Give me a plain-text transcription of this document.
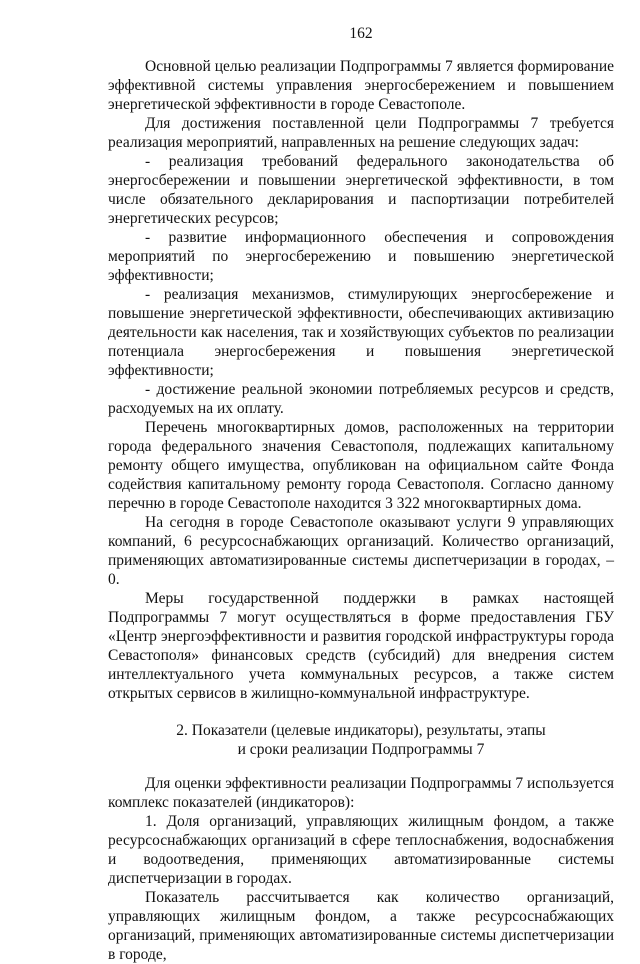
162

Основной целью реализации Подпрограммы 7 является формирование эффективной системы управления энергосбережением и повышением энергетической эффективности в городе Севастополе.

Для достижения поставленной цели Подпрограммы 7 требуется реализация мероприятий, направленных на решение следующих задач:

- реализация требований федерального законодательства об энергосбережении и повышении энергетической эффективности, в том числе обязательного декларирования и паспортизации потребителей энергетических ресурсов;

- развитие информационного обеспечения и сопровождения мероприятий по энергосбережению и повышению энергетической эффективности;

- реализация механизмов, стимулирующих энергосбережение и повышение энергетической эффективности, обеспечивающих активизацию деятельности как населения, так и хозяйствующих субъектов по реализации потенциала энергосбережения и повышения энергетической эффективности;

- достижение реальной экономии потребляемых ресурсов и средств, расходуемых на их оплату.

Перечень многоквартирных домов, расположенных на территории города федерального значения Севастополя, подлежащих капитальному ремонту общего имущества, опубликован на официальном сайте Фонда содействия капитальному ремонту города Севастополя. Согласно данному перечню в городе Севастополе находится 3 322 многоквартирных дома.

На сегодня в городе Севастополе оказывают услуги 9 управляющих компаний, 6 ресурсоснабжающих организаций. Количество организаций, применяющих автоматизированные системы диспетчеризации в городах, – 0.

Меры государственной поддержки в рамках настоящей Подпрограммы 7 могут осуществляться в форме предоставления ГБУ «Центр энергоэффективности и развития городской инфраструктуры города Севастополя» финансовых средств (субсидий) для внедрения систем интеллектуального учета коммунальных ресурсов, а также систем открытых сервисов в жилищно-коммунальной инфраструктуре.

2. Показатели (целевые индикаторы), результаты, этапы
и сроки реализации Подпрограммы 7

Для оценки эффективности реализации Подпрограммы 7 используется комплекс показателей (индикаторов):

1. Доля организаций, управляющих жилищным фондом, а также ресурсоснабжающих организаций в сфере теплоснабжения, водоснабжения и водоотведения, применяющих автоматизированные системы диспетчеризации в городах.

Показатель рассчитывается как количество организаций, управляющих жилищным фондом, а также ресурсоснабжающих организаций, применяющих автоматизированные системы диспетчеризации в городе,
